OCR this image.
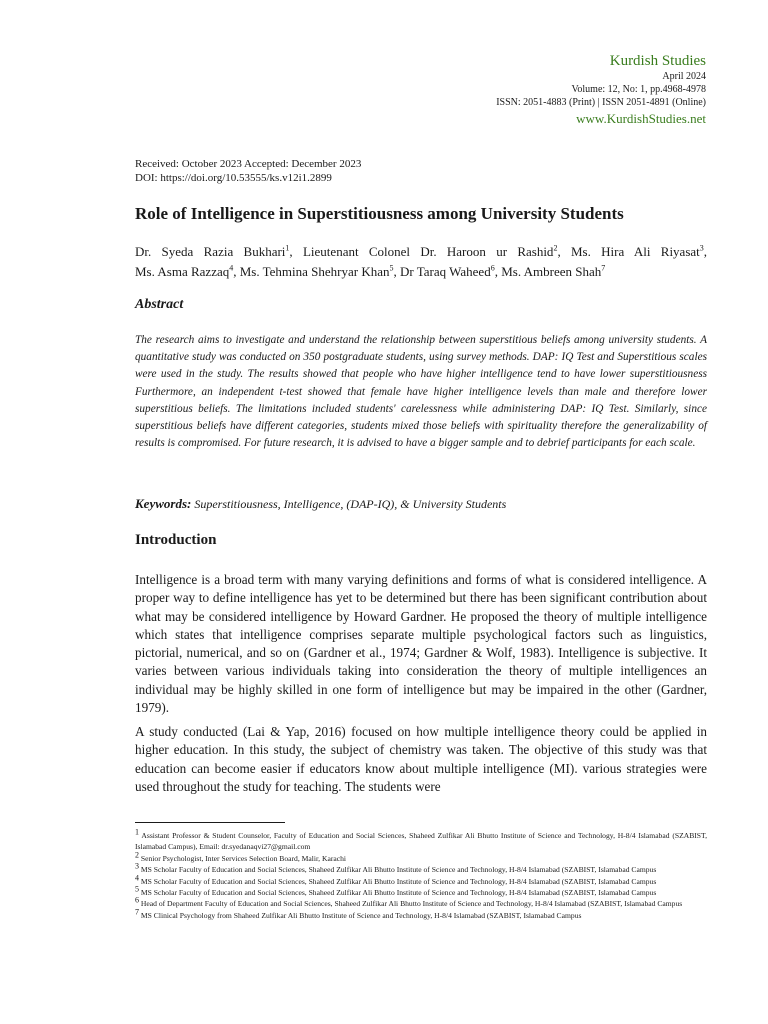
Kurdish Studies
April 2024
Volume: 12, No: 1, pp.4968-4978
ISSN: 2051-4883 (Print) | ISSN 2051-4891 (Online)
www.KurdishStudies.net
Received: October 2023 Accepted: December 2023
DOI: https://doi.org/10.53555/ks.v12i1.2899
Role of Intelligence in Superstitiousness among University Students
Dr. Syeda Razia Bukhari$^1$, Lieutenant Colonel Dr. Haroon ur Rashid$^2$, Ms. Hira Ali Riyasat$^3$,
Ms. Asma Razzaq$^4$, Ms. Tehmina Shehryar Khan$^5$, Dr Taraq Waheed$^6$, Ms. Ambreen Shah$^7$
Abstract

The research aims to investigate and understand the relationship between superstitious beliefs among university students. A quantitative study was conducted on 350 postgraduate students, using survey methods. DAP: IQ Test and Superstitious scales were used in the study. The results showed that people who have higher intelligence tend to have lower superstitiousness Furthermore, an independent t-test showed that female have higher intelligence levels than male and therefore lower superstitious beliefs. The limitations included students' carelessness while administering DAP: IQ Test. Similarly, since superstitious beliefs have different categories, students mixed those beliefs with spirituality therefore the generalizability of results is compromised. For future research, it is advised to have a bigger sample and to debrief participants for each scale.

Keywords: Superstitiousness, Intelligence, (DAP-IQ), & University Students
Introduction

Intelligence is a broad term with many varying definitions and forms of what is considered intelligence. A proper way to define intelligence has yet to be determined but there has been significant contribution about what may be considered intelligence by Howard Gardner. He proposed the theory of multiple intelligence which states that intelligence comprises separate multiple psychological factors such as linguistics, pictorial, numerical, and so on (Gardner et al., 1974; Gardner & Wolf, 1983). Intelligence is subjective. It varies between various individuals taking into consideration the theory of multiple intelligences an individual may be highly skilled in one form of intelligence but may be impaired in the other (Gardner, 1979).

A study conducted (Lai & Yap, 2016) focused on how multiple intelligence theory could be applied in higher education. In this study, the subject of chemistry was taken. The objective of this study was that education can become easier if educators know about multiple intelligence (MI). various strategies were used throughout the study for teaching. The students were

$^1$ Assistant Professor & Student Counselor, Faculty of Education and Social Sciences, Shaheed Zulfikar Ali Bhutto Institute of Science and Technology, H-8/4 Islamabad (SZABIST, Islamabad Campus), Email: dr.syedanaqvi27@gmail.com

$^2$ Senior Psychologist, Inter Services Selection Board, Malir, Karachi

$^3$ MS Scholar Faculty of Education and Social Sciences, Shaheed Zulfikar Ali Bhutto Institute of Science and Technology, H-8/4 Islamabad (SZABIST, Islamabad Campus

$^4$ MS Scholar Faculty of Education and Social Sciences, Shaheed Zulfikar Ali Bhutto Institute of Science and Technology, H-8/4 Islamabad (SZABIST, Islamabad Campus

$^5$ MS Scholar Faculty of Education and Social Sciences, Shaheed Zulfikar Ali Bhutto Institute of Science and Technology, H-8/4 Islamabad (SZABIST, Islamabad Campus

$^6$ Head of Department Faculty of Education and Social Sciences, Shaheed Zulfikar Ali Bhutto Institute of Science and Technology, H-8/4 Islamabad (SZABIST, Islamabad Campus

$^7$ MS Clinical Psychology from Shaheed Zulfikar Ali Bhutto Institute of Science and Technology, H-8/4 Islamabad (SZABIST, Islamabad Campus
